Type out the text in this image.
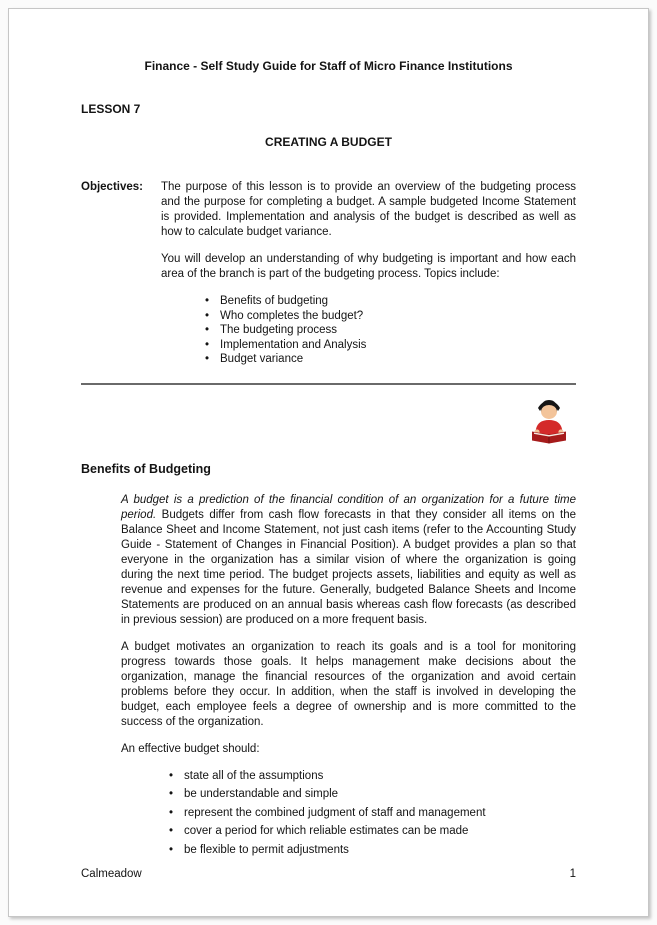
Finance - Self Study Guide for Staff of Micro Finance Institutions
LESSON 7
CREATING A BUDGET
Objectives:	The purpose of this lesson is to provide an overview of the budgeting process and the purpose for completing a budget. A sample budgeted Income Statement is provided. Implementation and analysis of the budget is described as well as how to calculate budget variance.

You will develop an understanding of why budgeting is important and how each area of the branch is part of the budgeting process. Topics include:

• Benefits of budgeting
• Who completes the budget?
• The budgeting process
• Implementation and Analysis
• Budget variance
Benefits of Budgeting

A budget is a prediction of the financial condition of an organization for a future time period. Budgets differ from cash flow forecasts in that they consider all items on the Balance Sheet and Income Statement, not just cash items (refer to the Accounting Study Guide - Statement of Changes in Financial Position). A budget provides a plan so that everyone in the organization has a similar vision of where the organization is going during the next time period. The budget projects assets, liabilities and equity as well as revenue and expenses for the future. Generally, budgeted Balance Sheets and Income Statements are produced on an annual basis whereas cash flow forecasts (as described in previous session) are produced on a more frequent basis.

A budget motivates an organization to reach its goals and is a tool for monitoring progress towards those goals. It helps management make decisions about the organization, manage the financial resources of the organization and avoid certain problems before they occur. In addition, when the staff is involved in developing the budget, each employee feels a degree of ownership and is more committed to the success of the organization.

An effective budget should:

• state all of the assumptions
• be understandable and simple
• represent the combined judgment of staff and management
• cover a period for which reliable estimates can be made
• be flexible to permit adjustments
Calmeadow	1
